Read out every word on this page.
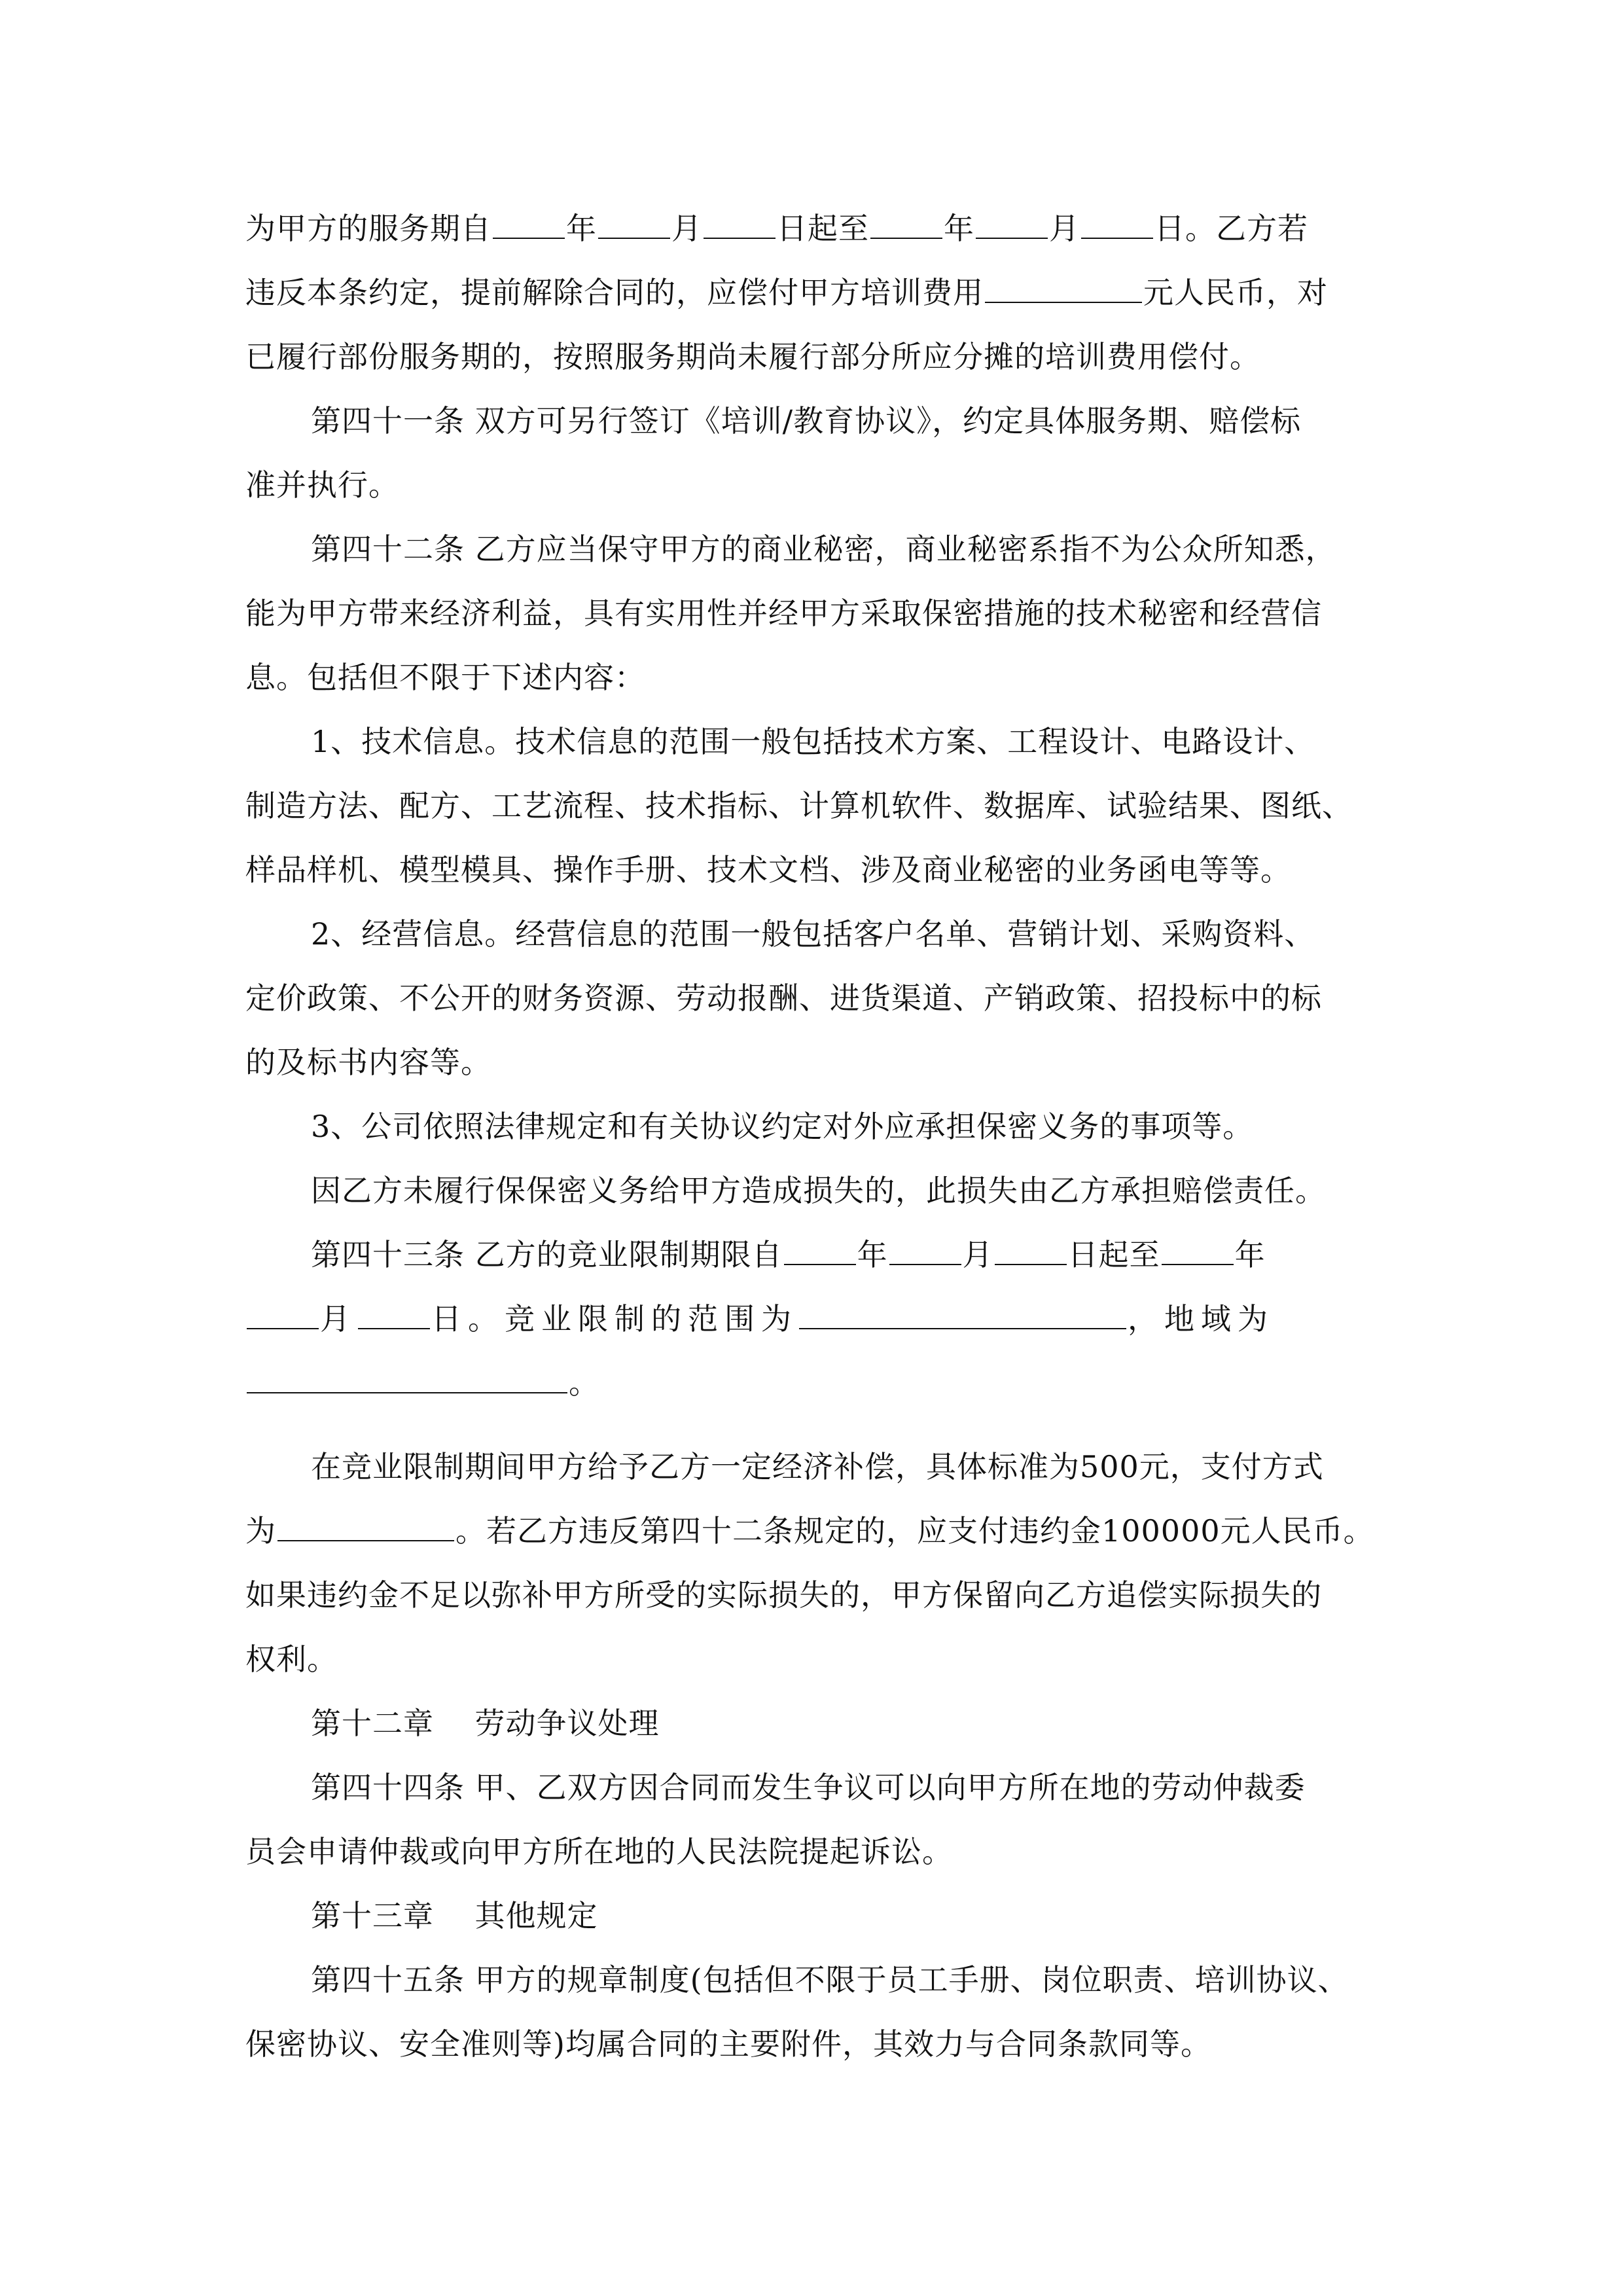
为甲方的服务期自 年 月 日起至 年 月 日。乙方若
违反本条约定，提前解除合同的，应偿付甲方培训费用	元人民币，对
已履行部份服务期的，按照服务期尚未履行部分所应分摊的培训费用偿付。
第四十一条 双方可另行签订《培训/教育协议》，约定具体服务期、赔偿标
准并执行。
第四十二条 乙方应当保守甲方的商业秘密，商业秘密系指不为公众所知悉，
能为甲方带来经济利益，具有实用性并经甲方采取保密措施的技术秘密和经营信
息。包括但不限于下述内容：
1、技术信息。技术信息的范围一般包括技术方案、工程设计、电路设计、
制造方法、配方、工艺流程、技术指标、计算机软件、数据库、试验结果、图纸、
样品样机、模型模具、操作手册、技术文档、涉及商业秘密的业务函电等等。
2、经营信息。经营信息的范围一般包括客户名单、营销计划、采购资料、
定价政策、不公开的财务资源、劳动报酬、进货渠道、产销政策、招投标中的标
的及标书内容等。
3、公司依照法律规定和有关协议约定对外应承担保密义务的事项等。
因乙方未履行保保密义务给甲方造成损失的，此损失由乙方承担赔偿责任。
第四十三条 乙方的竞业限制期限自 年 月 日起至 年
月 日。竞业限制的范围为	，地域为
。
在竞业限制期间甲方给予乙方一定经济补偿，具体标准为500元，支付方式
为	。若乙方违反第四十二条规定的，应支付违约金100000元人民币。
如果违约金不足以弥补甲方所受的实际损失的，甲方保留向乙方追偿实际损失的
权利。
第十二章    劳动争议处理
第四十四条 甲、乙双方因合同而发生争议可以向甲方所在地的劳动仲裁委
员会申请仲裁或向甲方所在地的人民法院提起诉讼。
第十三章    其他规定
第四十五条 甲方的规章制度(包括但不限于员工手册、岗位职责、培训协议、
保密协议、安全准则等)均属合同的主要附件，其效力与合同条款同等。
